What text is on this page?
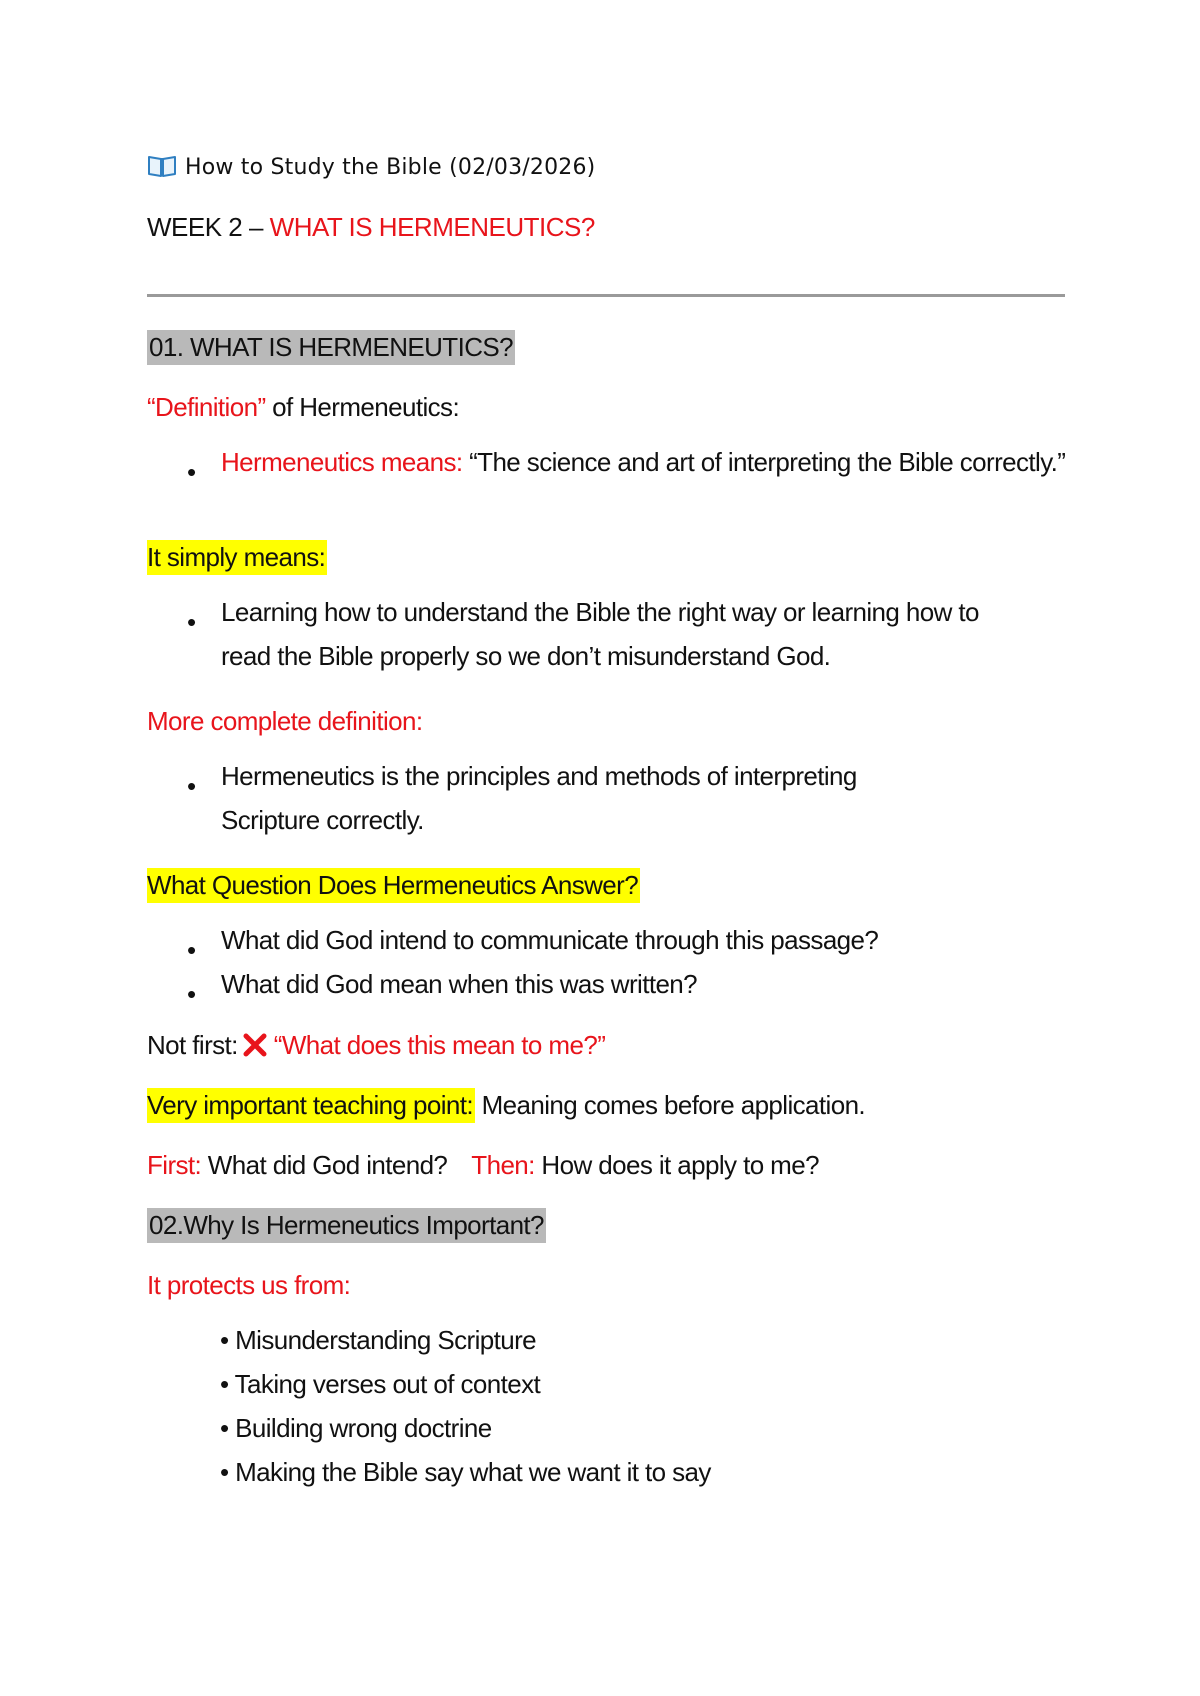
How to Study the Bible (02/03/2026)
WEEK 2 – WHAT IS HERMENEUTICS?
01. WHAT IS HERMENEUTICS?
“Definition” of Hermeneutics:
• Hermeneutics means: “The science and art of interpreting the Bible correctly.”
It simply means:
• Learning how to understand the Bible the right way or learning how to read the Bible properly so we don’t misunderstand God.
More complete definition:
• Hermeneutics is the principles and methods of interpreting Scripture correctly.
What Question Does Hermeneutics Answer?
• What did God intend to communicate through this passage?
• What did God mean when this was written?
Not first: “What does this mean to me?”
Very important teaching point: Meaning comes before application.
First: What did God intend? Then: How does it apply to me?
02.Why Is Hermeneutics Important?
It protects us from:
• Misunderstanding Scripture
• Taking verses out of context
• Building wrong doctrine
• Making the Bible say what we want it to say
